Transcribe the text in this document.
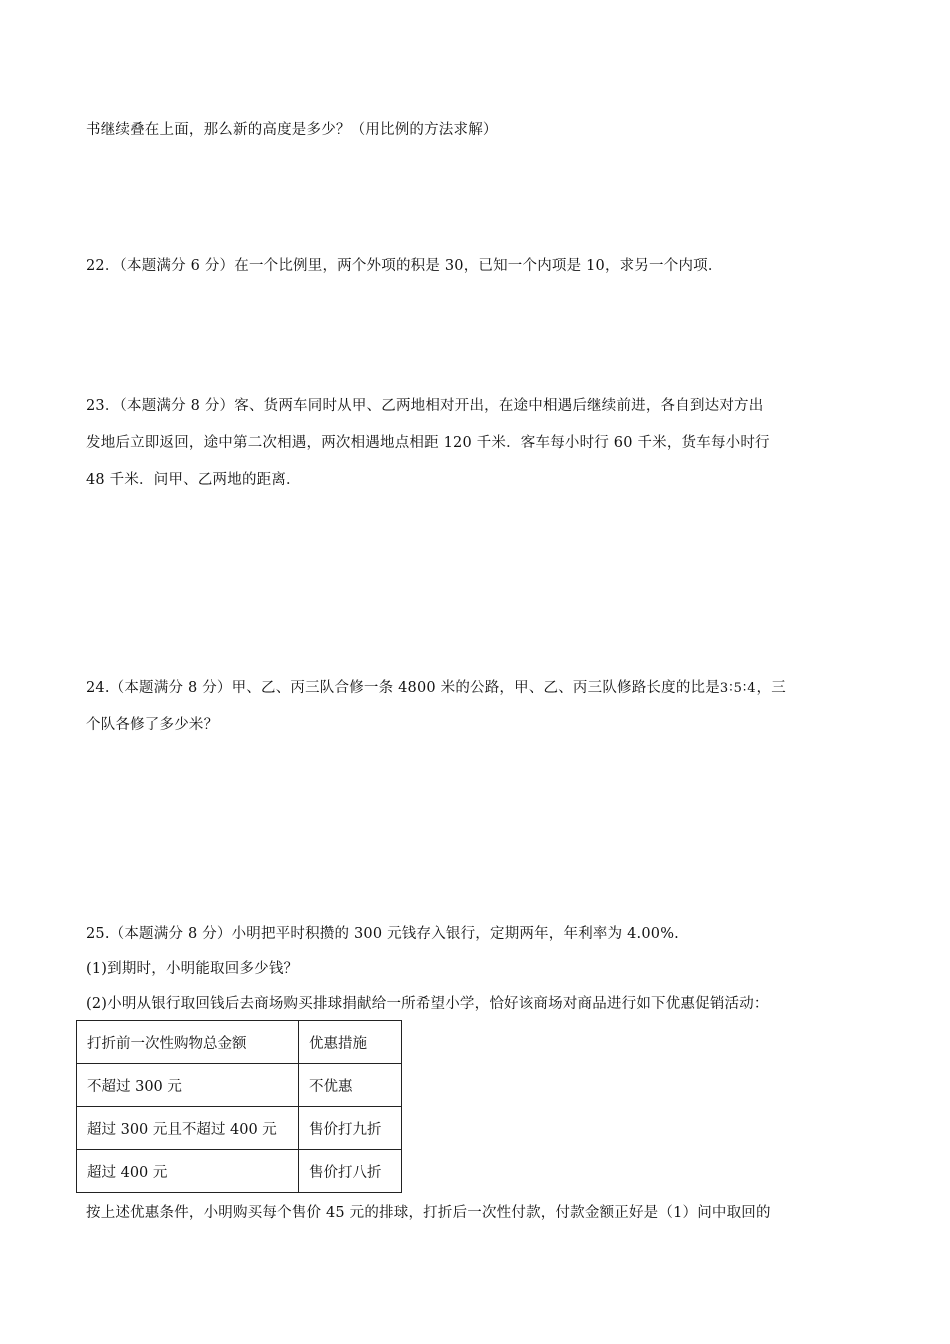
书继续叠在上面，那么新的高度是多少？（用比例的方法求解）
22．（本题满分 6 分）在一个比例里，两个外项的积是 30，已知一个内项是 10，求另一个内项．
23．（本题满分 8 分）客、货两车同时从甲、乙两地相对开出，在途中相遇后继续前进，各自到达对方出
发地后立即返回，途中第二次相遇，两次相遇地点相距 120 千米．客车每小时行 60 千米，货车每小时行
48 千米．问甲、乙两地的距离．
24.（本题满分 8 分）甲、乙、丙三队合修一条 4800 米的公路，甲、乙、丙三队修路长度的比是3∶5∶4，三
个队各修了多少米？
25.（本题满分 8 分）小明把平时积攒的 300 元钱存入银行，定期两年，年利率为 4.00%.
(1)到期时，小明能取回多少钱？
(2)小明从银行取回钱后去商场购买排球捐献给一所希望小学，恰好该商场对商品进行如下优惠促销活动：
打折前一次性购物总金额	优惠措施
不超过 300 元	不优惠
超过 300 元且不超过 400 元	售价打九折
超过 400 元	售价打八折
按上述优惠条件，小明购买每个售价 45 元的排球，打折后一次性付款，付款金额正好是（1）问中取回的
